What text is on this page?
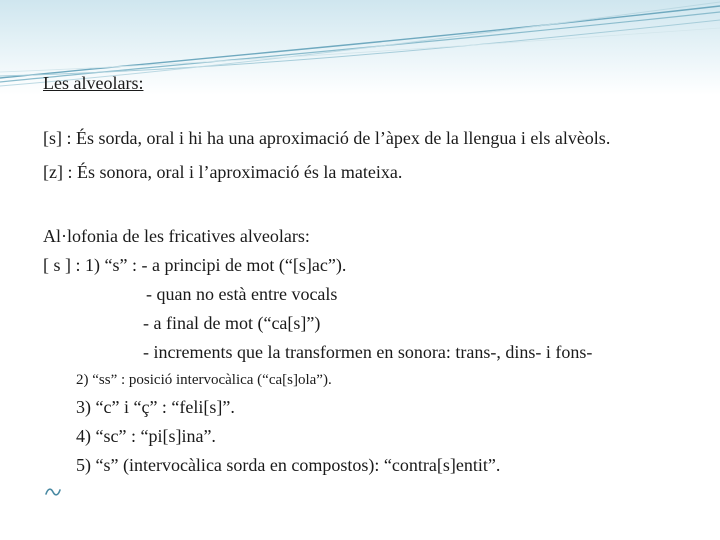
Les alveolars:
[s] : És sorda, oral i hi ha una aproximació de l’àpex de la llengua i els alvèols.
[z] : És sonora, oral i l’aproximació és la mateixa.
Al·lofonia de les fricatives alveolars:
[ s ] : 1) “s” : - a principi de mot (“[s]ac”).
- quan no està entre vocals
- a final de mot (“ca[s]”)
- increments que la transformen en sonora: trans-, dins- i fons-
2) “ss” : posició intervocàlica (“ca[s]ola”).
3) “c” i “ç” : “feli[s]”.
4) “sc” : “pi[s]ina”.
5) “s” (intervocàlica sorda en compostos): “contra[s]entit”.
